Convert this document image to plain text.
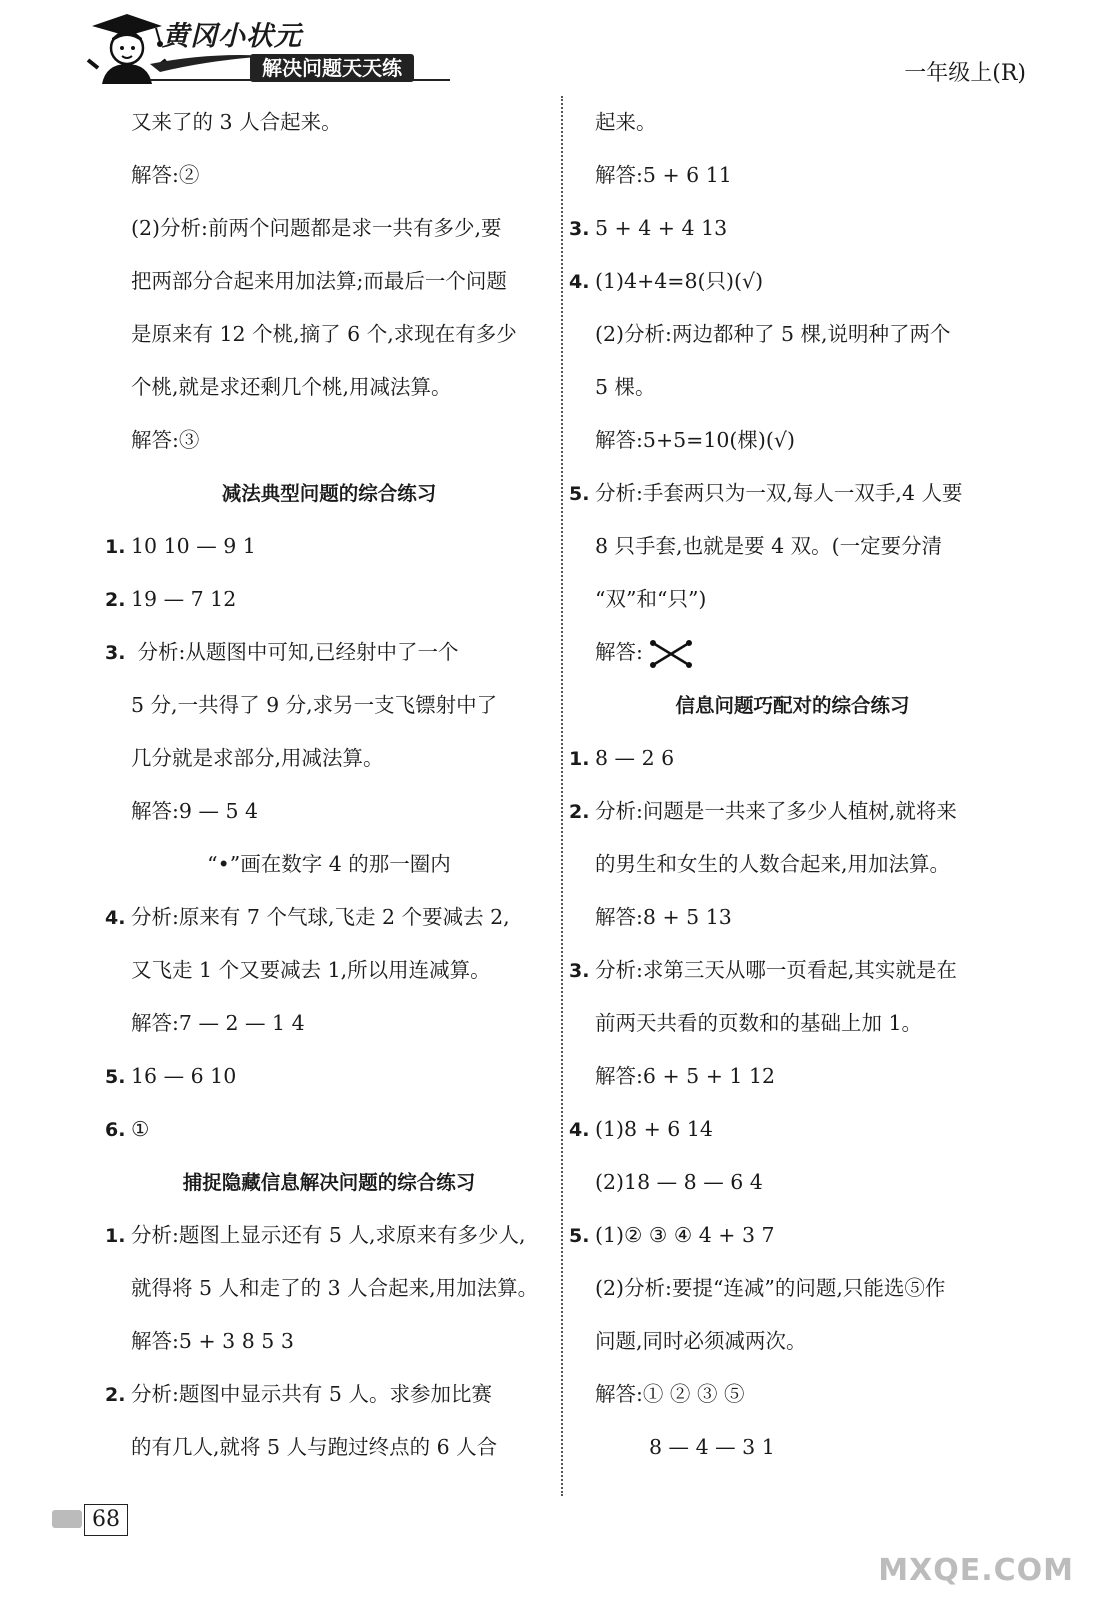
黄冈小状元
解决问题天天练	一年级上(R)
又来了的 3 人合起来。
解答:②
(2)分析:前两个问题都是求一共有多少,要
把两部分合起来用加法算;而最后一个问题
是原来有 12 个桃,摘了 6 个,求现在有多少
个桃,就是求还剩几个桃,用减法算。
解答:③
减法典型问题的综合练习
1. 10 10 — 9 1
2. 19 — 7 12
3. 分析:从题图中可知,已经射中了一个
5 分,一共得了 9 分,求另一支飞镖射中了
几分就是求部分,用减法算。
解答:9 — 5 4
“•”画在数字 4 的那一圈内
4. 分析:原来有 7 个气球,飞走 2 个要减去 2,
又飞走 1 个又要减去 1,所以用连减算。
解答:7 — 2 — 1 4
5. 16 — 6 10
6. ①
捕捉隐藏信息解决问题的综合练习
1. 分析:题图上显示还有 5 人,求原来有多少人,
就得将 5 人和走了的 3 人合起来,用加法算。
解答:5 + 3 8 5 3
2. 分析:题图中显示共有 5 人。求参加比赛
的有几人,就将 5 人与跑过终点的 6 人合
起来。
解答:5 + 6 11
3. 5 + 4 + 4 13
4. (1)4+4=8(只)(√)
(2)分析:两边都种了 5 棵,说明种了两个
5 棵。
解答:5+5=10(棵)(√)
5. 分析:手套两只为一双,每人一双手,4 人要
8 只手套,也就是要 4 双。(一定要分清
“双”和“只”)
解答:
信息问题巧配对的综合练习
1. 8 — 2 6
2. 分析:问题是一共来了多少人植树,就将来
的男生和女生的人数合起来,用加法算。
解答:8 + 5 13
3. 分析:求第三天从哪一页看起,其实就是在
前两天共看的页数和的基础上加 1。
解答:6 + 5 + 1 12
4. (1)8 + 6 14
(2)18 — 8 — 6 4
5. (1)② ③ ④ 4 + 3 7
(2)分析:要提“连减”的问题,只能选⑤作
问题,同时必须减两次。
解答:① ② ③ ⑤
8 — 4 — 3 1
68
MXQE.COM
